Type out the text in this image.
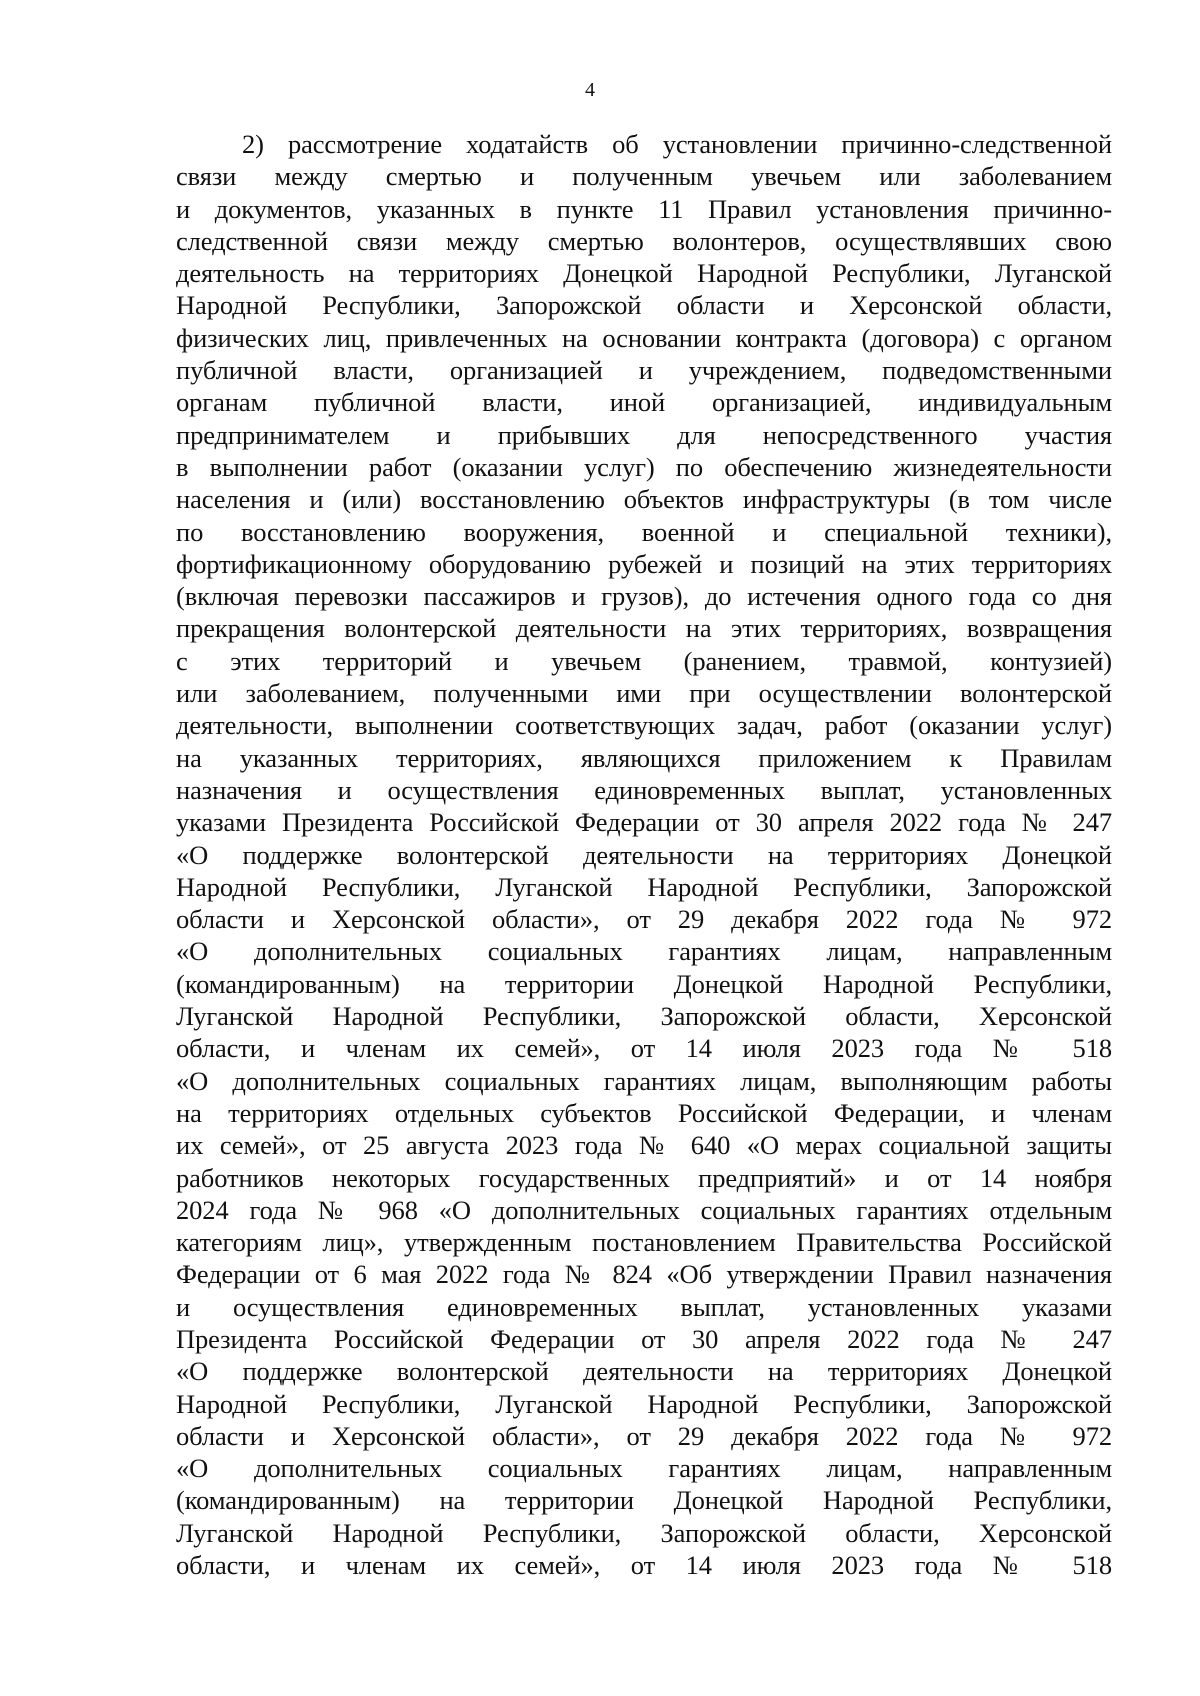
4
2) рассмотрение ходатайств об установлении причинно-следственной
связи между смертью и полученным увечьем или заболеванием
и документов, указанных в пункте 11 Правил установления причинно-
следственной связи между смертью волонтеров, осуществлявших свою
деятельность на территориях Донецкой Народной Республики, Луганской
Народной Республики, Запорожской области и Херсонской области,
физических лиц, привлеченных на основании контракта (договора) с органом
публичной власти, организацией и учреждением, подведомственными
органам публичной власти, иной организацией, индивидуальным
предпринимателем и прибывших для непосредственного участия
в выполнении работ (оказании услуг) по обеспечению жизнедеятельности
населения и (или) восстановлению объектов инфраструктуры (в том числе
по восстановлению вооружения, военной и специальной техники),
фортификационному оборудованию рубежей и позиций на этих территориях
(включая перевозки пассажиров и грузов), до истечения одного года со дня
прекращения волонтерской деятельности на этих территориях, возвращения
с этих территорий и увечьем (ранением, травмой, контузией)
или заболеванием, полученными ими при осуществлении волонтерской
деятельности, выполнении соответствующих задач, работ (оказании услуг)
на указанных территориях, являющихся приложением к Правилам
назначения и осуществления единовременных выплат, установленных
указами Президента Российской Федерации от 30 апреля 2022 года № 247
«О поддержке волонтерской деятельности на территориях Донецкой
Народной Республики, Луганской Народной Республики, Запорожской
области и Херсонской области», от 29 декабря 2022 года № 972
«О дополнительных социальных гарантиях лицам, направленным
(командированным) на территории Донецкой Народной Республики,
Луганской Народной Республики, Запорожской области, Херсонской
области, и членам их семей», от 14 июля 2023 года № 518
«О дополнительных социальных гарантиях лицам, выполняющим работы
на территориях отдельных субъектов Российской Федерации, и членам
их семей», от 25 августа 2023 года № 640 «О мерах социальной защиты
работников некоторых государственных предприятий» и от 14 ноября
2024 года № 968 «О дополнительных социальных гарантиях отдельным
категориям лиц», утвержденным постановлением Правительства Российской
Федерации от 6 мая 2022 года № 824 «Об утверждении Правил назначения
и осуществления единовременных выплат, установленных указами
Президента Российской Федерации от 30 апреля 2022 года № 247
«О поддержке волонтерской деятельности на территориях Донецкой
Народной Республики, Луганской Народной Республики, Запорожской
области и Херсонской области», от 29 декабря 2022 года № 972
«О дополнительных социальных гарантиях лицам, направленным
(командированным) на территории Донецкой Народной Республики,
Луганской Народной Республики, Запорожской области, Херсонской
области, и членам их семей», от 14 июля 2023 года № 518
